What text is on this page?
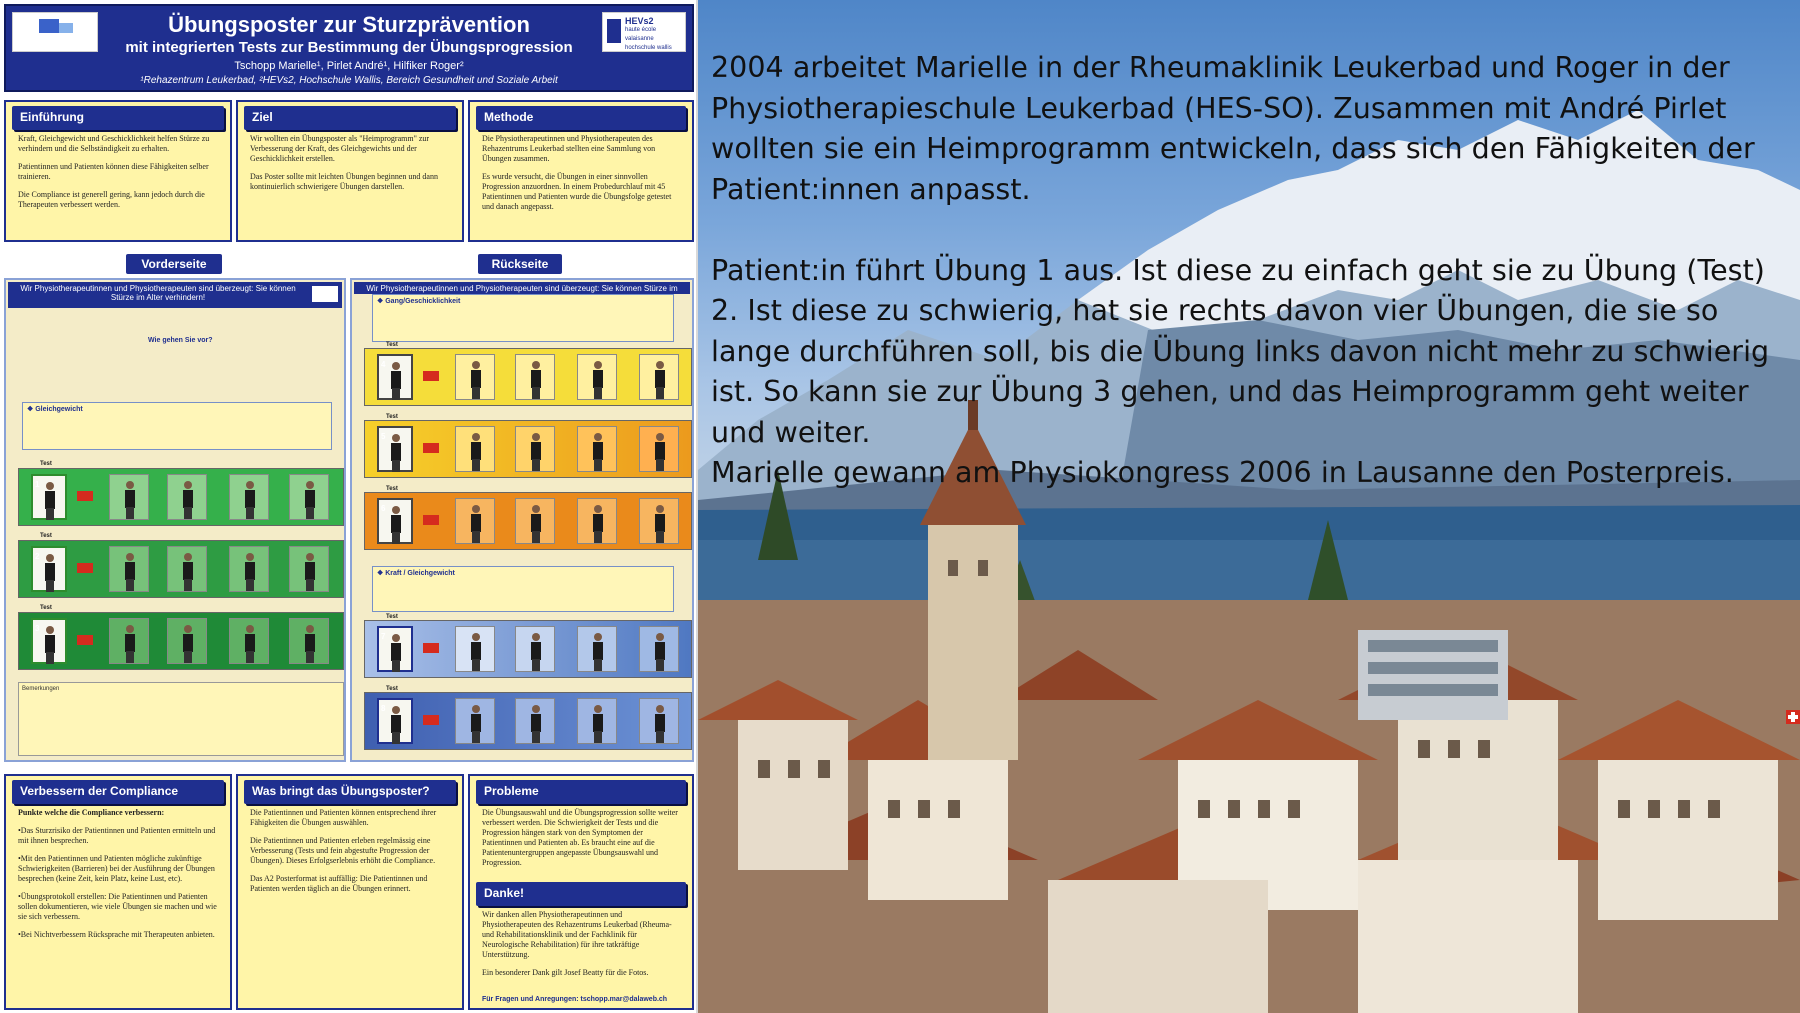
HEVs2
haute école valaisanne
hochschule wallis
Übungsposter zur Sturzprävention
mit integrierten Tests zur Bestimmung der Übungsprogression
Tschopp Marielle¹, Pirlet André¹, Hilfiker Roger²
¹Rehazentrum Leukerbad, ²HEVs2, Hochschule Wallis, Bereich Gesundheit und Soziale Arbeit
Einführung

Kraft, Gleichgewicht und Geschicklichkeit helfen Stürze zu verhindern und die Selbständigkeit zu erhalten.

Patientinnen und Patienten können diese Fähigkeiten selber trainieren.

Die Compliance ist generell gering, kann jedoch durch die Therapeuten verbessert werden.

Ziel

Wir wollten ein Übungsposter als "Heimprogramm" zur Verbesserung der Kraft, des Gleichgewichts und der Geschicklichkeit erstellen.

Das Poster sollte mit leichten Übungen beginnen und dann kontinuierlich schwierigere Übungen darstellen.

Methode

Die Physiotherapeutinnen und Physiotherapeuten des Rehazentrums Leukerbad stellten eine Sammlung von Übungen zusammen.

Es wurde versucht, die Übungen in einer sinnvollen Progression anzuordnen. In einem Probedurchlauf mit 45 Patientinnen und Patienten wurde die Übungsfolge getestet und danach angepasst.

Vorderseite	Rückseite
Wir Physiotherapeutinnen und Physiotherapeuten sind überzeugt: Sie können Stürze im Alter verhindern!
Wie gehen Sie vor?
❖ Gleichgewicht
Test
1
Test
2
Test
3
Bemerkungen
Wir Physiotherapeutinnen und Physiotherapeuten sind überzeugt: Sie können Stürze im
❖ Gang/Geschicklichkeit
Test
4
Test
5
Test
6
❖ Kraft / Gleichgewicht
Test
7
Test
8
Verbessern der Compliance

Punkte welche die Compliance verbessern:

•Das Sturzrisiko der Patientinnen und Patienten ermitteln und mit ihnen besprechen.

•Mit den Patientinnen und Patienten mögliche zukünftige Schwierigkeiten (Barrieren) bei der Ausführung der Übungen besprechen (keine Zeit, kein Platz, keine Lust, etc).

•Übungsprotokoll erstellen: Die Patientinnen und Patienten sollen dokumentieren, wie viele Übungen sie machen und wie sie sich verbessern.

•Bei Nichtverbessern Rücksprache mit Therapeuten anbieten.

Was bringt das Übungsposter?

Die Patientinnen und Patienten können entsprechend ihrer Fähigkeiten die Übungen auswählen.

Die Patientinnen und Patienten erleben regelmässig eine Verbesserung (Tests und fein abgestufte Progression der Übungen). Dieses Erfolgserlebnis erhöht die Compliance.

Das A2 Posterformat ist auffällig: Die Patientinnen und Patienten werden täglich an die Übungen erinnert.

Probleme

Die Übungsauswahl und die Übungsprogression sollte weiter verbessert werden. Die Schwierigkeit der Tests und die Progression hängen stark von den Symptomen der Patientinnen und Patienten ab. Es braucht eine auf die Patientenuntergruppen angepasste Übungsauswahl und Progression.

Danke!

Wir danken allen Physiotherapeutinnen und Physiotherapeuten des Rehazentrums Leukerbad (Rheuma- und Rehabilitationsklinik und der Fachklinik für Neurologische Rehabilitation) für ihre tatkräftige Unterstützung.

Ein besonderer Dank gilt Josef Beatty für die Fotos.

Für Fragen und Anregungen: tschopp.mar@dalaweb.ch

2004 arbeitet Marielle in der Rheumaklinik Leukerbad und Roger in der
Physiotherapieschule Leukerbad (HES-SO). Zusammen mit André Pirlet
wollten sie ein Heimprogramm entwickeln, dass sich den Fähigkeiten der
Patient:innen anpasst.

Patient:in führt Übung 1 aus. Ist diese zu einfach geht sie zu Übung (Test)
2. Ist diese zu schwierig, hat sie rechts davon vier Übungen, die sie so
lange durchführen soll, bis die Übung links davon nicht mehr zu schwierig
ist. So kann sie zur Übung 3 gehen, und das Heimprogramm geht weiter
und weiter.

Marielle gewann am Physiokongress 2006 in Lausanne den Posterpreis.
